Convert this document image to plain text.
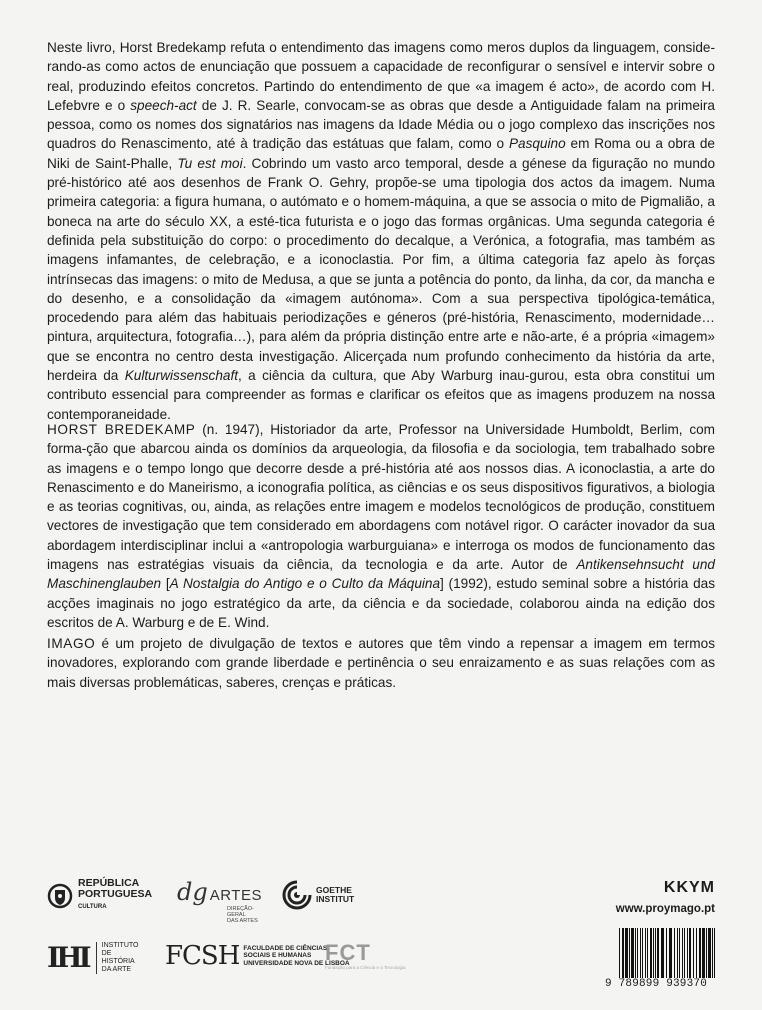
Neste livro, Horst Bredekamp refuta o entendimento das imagens como meros duplos da linguagem, conside-rando-as como actos de enunciação que possuem a capacidade de reconfigurar o sensível e intervir sobre o real, produzindo efeitos concretos. Partindo do entendimento de que «a imagem é acto», de acordo com H. Lefebvre e o speech-act de J. R. Searle, convocam-se as obras que desde a Antiguidade falam na primeira pessoa, como os nomes dos signatários nas imagens da Idade Média ou o jogo complexo das inscrições nos quadros do Renascimento, até à tradição das estátuas que falam, como o Pasquino em Roma ou a obra de Niki de Saint-Phalle, Tu est moi. Cobrindo um vasto arco temporal, desde a génese da figuração no mundo pré-histórico até aos desenhos de Frank O. Gehry, propõe-se uma tipologia dos actos da imagem. Numa primeira categoria: a figura humana, o autómato e o homem-máquina, a que se associa o mito de Pigmalião, a boneca na arte do século XX, a esté-tica futurista e o jogo das formas orgânicas. Uma segunda categoria é definida pela substituição do corpo: o procedimento do decalque, a Verónica, a fotografia, mas também as imagens infamantes, de celebração, e a iconoclastia. Por fim, a última categoria faz apelo às forças intrínsecas das imagens: o mito de Medusa, a que se junta a potência do ponto, da linha, da cor, da mancha e do desenho, e a consolidação da «imagem autónoma». Com a sua perspectiva tipológica-temática, procedendo para além das habituais periodizações e géneros (pré-história, Renascimento, modernidade… pintura, arquitectura, fotografia…), para além da própria distinção entre arte e não-arte, é a própria «imagem» que se encontra no centro desta investigação. Alicerçada num profundo conhecimento da história da arte, herdeira da Kulturwissenschaft, a ciência da cultura, que Aby Warburg inau-gurou, esta obra constitui um contributo essencial para compreender as formas e clarificar os efeitos que as imagens produzem na nossa contemporaneidade.

HORST BREDEKAMP (n. 1947), Historiador da arte, Professor na Universidade Humboldt, Berlim, com forma-ção que abarcou ainda os domínios da arqueologia, da filosofia e da sociologia, tem trabalhado sobre as imagens e o tempo longo que decorre desde a pré-história até aos nossos dias. A iconoclastia, a arte do Renascimento e do Maneirismo, a iconografia política, as ciências e os seus dispositivos figurativos, a biologia e as teorias cognitivas, ou, ainda, as relações entre imagem e modelos tecnológicos de produção, constituem vectores de investigação que tem considerado em abordagens com notável rigor. O carácter inovador da sua abordagem interdisciplinar inclui a «antropologia warburguiana» e interroga os modos de funcionamento das imagens nas estratégias visuais da ciência, da tecnologia e da arte. Autor de Antikensehnsucht und Maschinenglauben [A Nostalgia do Antigo e o Culto da Máquina] (1992), estudo seminal sobre a história das acções imaginais no jogo estratégico da arte, da ciência e da sociedade, colaborou ainda na edição dos escritos de A. Warburg e de E. Wind.

IMAGO é um projeto de divulgação de textos e autores que têm vindo a repensar a imagem em termos inovadores, explorando com grande liberdade e pertinência o seu enraizamento e as suas relações com as mais diversas problemáticas, saberes, crenças e práticas.

REPÚBLICA
PORTUGUESA
CULTURA
dg ARTES
DIREÇÃO-GERAL
DAS ARTES
GOETHE
INSTITUT
IHI	INSTITUTO
DE
HISTÓRIA
DA ARTE FCSH FACULDADE DE CIÊNCIAS
SOCIAIS E HUMANAS
UNIVERSIDADE NOVA DE LISBOA
FCT
Fundação para a Ciência e a Tecnologia
KKYM
www.proymago.pt
9 789899 939370
